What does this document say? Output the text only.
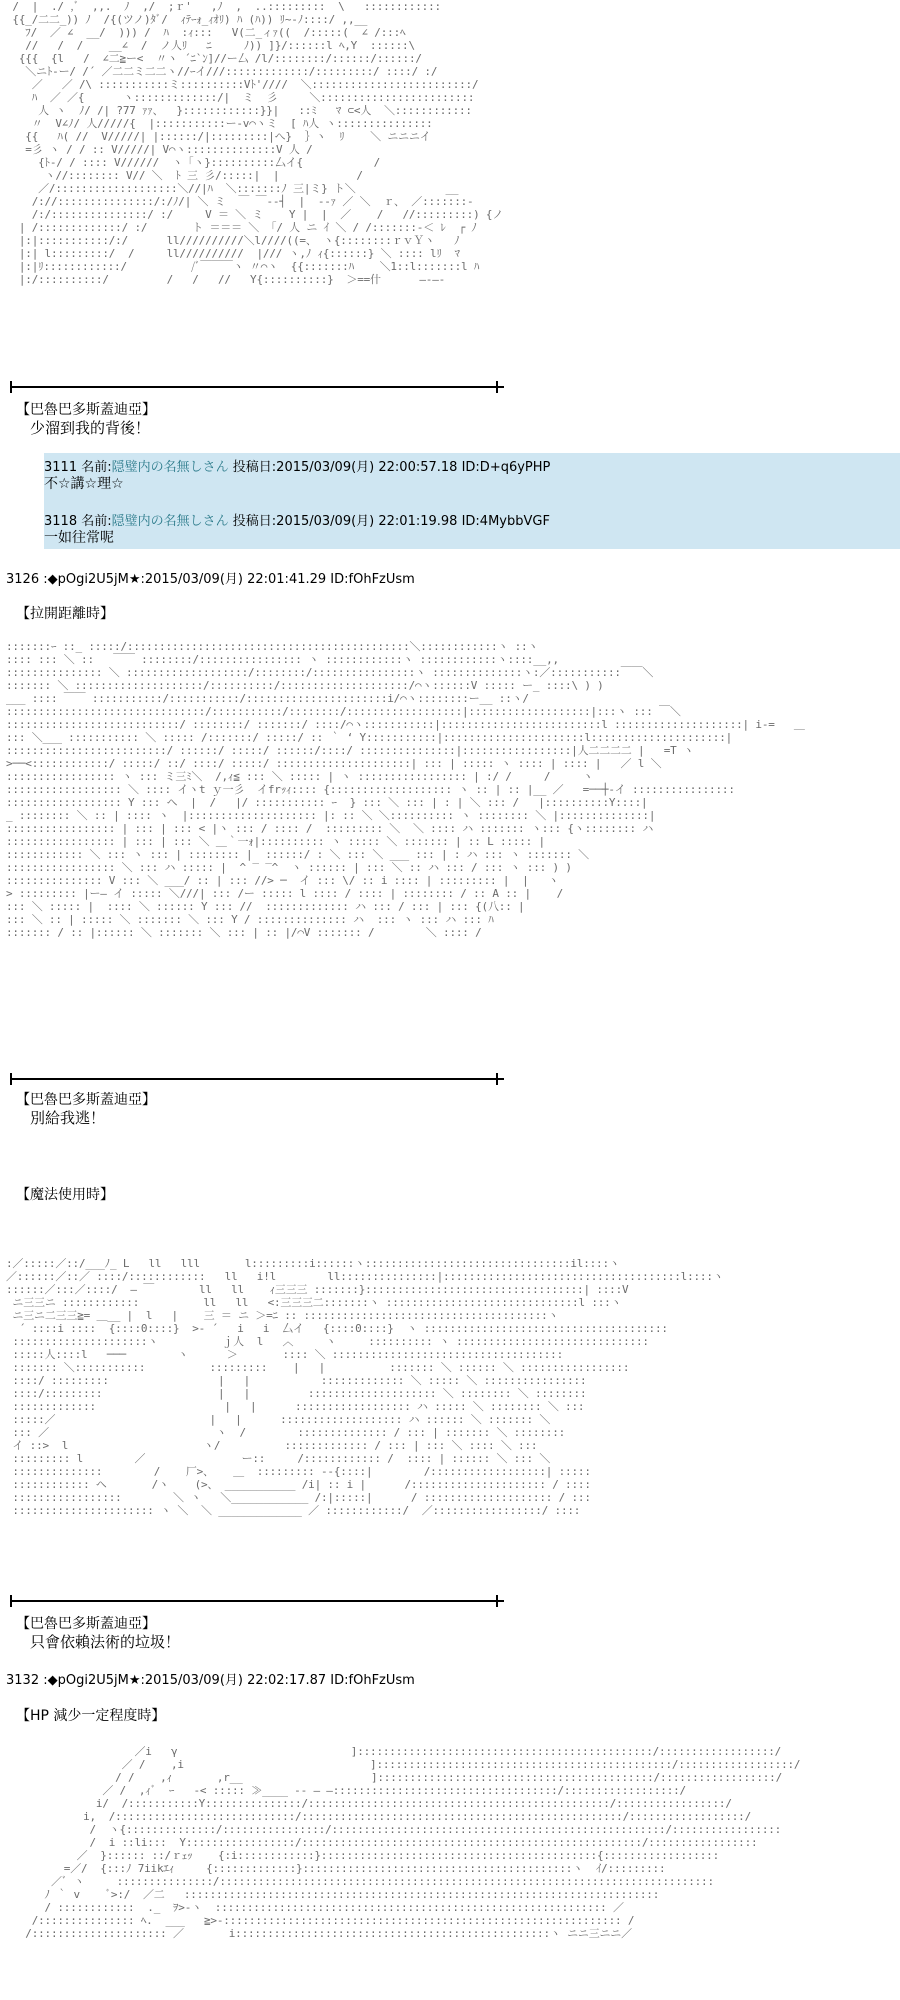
/  |  ./ ,ﾞ  ,,.  ﾉ  ,/  ;ｒ'   ,ﾉ  ,  ..:::::::::  \   ::::::::::::
{{_/二二_)) ﾉ  /{(ツノ)ﾀﾞ/  ｨﾃｰｫ_ｨｵﾘ) ﾊ (ﾊ)) ﾘ~-ﾉ::::/ ,,__
ﾌ/  ／ ∠  __/  ))) /  ﾊ  :ｨ:::   V(二_ィｧ((  /:::::(  ∠ /:::ﾍ
//   /  /    __∠  /  ノ人ﾘ   ﾆ     ﾉ)) ]}/::::::l ﾍ,Y  ::::::\
{{{  {l   /  ∠二≧ー<  〃ヽ ´ﾆ`ﾝ]//ー厶 /l/::::::::/::::::/::::::/
＼ニﾄ‐ー/ /´ ／二二ミ二二ヽ//ｰイ///:::::::::::::/:::::::::/ ::::/ :/
／   ／ /\ :::::::::::ミ::::::::::Vﾄ'////  ＼:::::::::::::::::::::::::/
ﾊ  ／ ／{      ヽ:::::::::::::/|  ミ  彡     ＼::::::::::::::::::::::::
人 ヽ  ﾉ/ /| ?77 ｧｧ、  }::::::::::::}}|   ::ﾐ   ﾏ ⊂<人  ＼::::::::::::
〃  V∠ﾉ/ 人/////{  |:::::::::::ー-v⌒ヽミ  [ ﾊ人 ヽ:::::::::::::::
{{   ﾊ( //  V/////| |::::::/|:::::::::|へ}  ｝ヽ  ﾘ    ＼ ニニニイ
=彡 ヽ / / :: V/////| V⌒ヽ::::::::::::::V 人 /
{ﾄ-/ / :::: V//////  ヽ「ヽ}::::::::::厶イ{           /
ヽ//:::::::: V// ＼  ﾄ 三 彡/:::::|  |            /
／/:::::::::::::::::::＼//|ﾊ  ＼:::::::ﾉ 三|ミ} ト＼              __
/://:::::::::::::::/:/ﾉ/| ＼ ミ  ￣ ￣‐-┤  |  ‐‐ｧ ／ ＼  ｒ、 ／:::::::‐
/:/:::::::::::::::/ :/     V ＝ ＼ ミ    Y |  |  ／    /   //:::::::::) {ノ
| /:::::::::::::/ :/       ト ＝＝＝ ＼ 「/ 人 ニ ｲ ＼ / /:::::::‐＜ ﾚ  ┌ ﾉ
|:|:::::::::::/:/      ll//////////＼l////((=、 ヽ{::::::::ｒｖＹヽ   ﾉ
|:| l:::::::::/  /     ll//////////  |/// ヽ,ﾉ ｨ{::::::} ＼ :::: lﾘ  ﾏ
|:|ﾘ::::::::::::/          /ﾞ￣￣￣ヽ 〃⌒ヽ  {{:::::::ﾊ    ＼1::l:::::::l ﾊ
|:/::::::::::/         /   /   //   Y{::::::::::}  ＞==什      ―-―‐
【巴魯巴多斯蓋迪亞】
少溜到我的背後！
3111 名前:隠璧内の名無しさん 投稿日:2015/03/09(月) 22:00:57.18 ID:D+q6yPHP
不☆講☆理☆
3118 名前:隠璧内の名無しさん 投稿日:2015/03/09(月) 22:01:19.98 ID:4MybbVGF
一如往常呢
3126 :◆pOgi2U5jM★:2015/03/09(月) 22:01:41.29 ID:fOhFzUsm
【拉開距離時】
:::::::ｰ ::_ :::::/::::::::::::::::::::::::::::::::::::::::::::＼::::::::::::ヽ ::ヽ
:::: ::: ＼ ::   ￣￣ ::::::::/:::::::::::::::: ヽ ::::::::::::ヽ ::::::::::::ヽ::::__,,
::::::::::::::: ＼ :::::::::::::::::::/::::::::/::::::::::::::::ヽ ::::::::::::::ヽ:／:::::::::::￣￣＼
::::::: ＼ ::::::::::::::::::::/::::::::::/::::::::::::::::::::/⌒ヽ::::::V ::::: ー_ ::::\ ) )
___ :::: ￣￣ :::::::::::/:::::::::::/::::::::::::::::::::::i/⌒ヽ::::::::ー__ ::ヽ/
:::::::::::::::::::::::::::::::/:::::::::::/::::::::/::::::::::::::::::|:::::::::::::::::::|:::ヽ ::: ￣＼
:::::::::::::::::::::::::::/ ::::::::/ :::::::/ ::::/⌒ヽ:::::::::::|:::::::::::::::::::::::::l ::::::::::::::::::::| i-=   ＿
::: ＼___ ::::::::::: ＼ ::::: /:::::::/ :::::/ :: ｀ ‘ Y:::::::::::|::::::::::::::::::::::l:::::::::::::::::::::|
:::::::::::::::::::::::::/ ::::::/ :::::/ ::::::/::::/ :::::::::::::::|:::::::::::::::::|人二二二二 |   =T ヽ
>──<::::::::::::/ :::::/ ::/ ::::/ :::::/ :::::::::::::::::::::| ::: | ::::: ヽ :::: | :::: |   ／ l ＼
::::::::::::::::: ヽ ::: ミ三ﾐ＼  /,ｨ≦ ::: ＼ ::::: | ヽ ::::::::::::::::: | :/ /     /     ヽ
:::::::::::::::::: ＼ :::: イヽt ｙ一彡  イfrｯｨ:::: {::::::::::::::::::: ヽ :: | :: |__ ／   =──┼‐イ ::::::::::::::::
:::::::::::::::::: Y ::: ヘ  |  /   |/ ::::::::::: ｰ  } ::: ＼ ::: | : | ＼ ::: /   |::::::::::Y::::|
_ :::::::: ＼ :: | :::: ヽ  |:::::::::::::::::::: |: :: ＼ ＼:::::::::: ヽ :::::::: ＼ |::::::::::::::|
::::::::::::::::: | ::: | ::: < |ヽ ::: / :::: /  ::::::::: ＼  ＼ :::: ハ ::::::: ヽ::: {ヽ:::::::: ハ
::::::::::::::::: | ::: | ::: ＼ ＿｀一ｫ|:::::::::: ヽ ::::: ＼ ::::::: | :: L ::::: |
:::::::::::: ＼ ::: ヽ ::: | :::::::: |  ::::::/ : ＼ ::: ＼ ___ ::: | : ハ ::: ヽ ::::::: ＼
::::::::::::::::: ＼ ::: ハ ::::: |  ^ ‾ ‾^  ヽ :::::: | ::: ＼ :: ハ ::: / ::: ヽ ::: ) )
::::::::::::::: V ::: ＼ ___/ :: | ::: //> ─  イ ::: \/ :: i :::: | ::::::::: |  |   ヽ
> ::::::::: |ー― イ ::::: ＼///| ::: /ー ::::: l :::: / :::: | :::::::: / :: A :: |    /
::: ＼ ::::: |  :::: ＼ :::::: Y ::: //  ::::::::::::: ハ ::: / ::: | ::: {(八:: |
::: ＼ :: | ::::: ＼ ::::::: ＼ ::: Y / :::::::::::::: ハ  ::: ヽ ::: ハ ::: ﾊ
::::::: / :: |:::::: ＼ ::::::: ＼ ::: | :: |/⌒V ::::::: /        ＼ :::: /
【巴魯巴多斯蓋迪亞】
別給我逃！
【魔法使用時】
:／:::::／::/___ﾉ_ L   ll   lll       l:::::::::i::::::ヽ::::::::::::::::::::::::::::::::il::::ヽ
／::::::／::／ ::::/::::::::::::   ll   i!l        ll:::::::::::::::|:::::::::::::::::::::::::::::::::::::l::::ヽ
::::::／:::／::::/  ― ￣       ll   ll    ｨ三三三 :::::::}::::::::::::::::::::::::::::::::::| ::::V
ニ三三ニ ::::::::::::          ll   ll   <:三三三二:::::::ヽ ::::::::::::::::::::::::::::::l :::ヽ
ニ三ニ二三三≧= ＿__ |  l   |    三 ＝ ニ ＞=ﾆ :: ::::::::::::::::::::::::::::::::::::::ヽ
´ ::::i ::::  {::::0::::}  >‐ ´   i   i  厶イ   {::::0::::}  ヽ ::::::::::::::::::::::::::::::::::::::
:::::::::::::::::::::ヽ          ｊ人  l   ︿     ヽ     :::::::::: ヽ ::::::::::::::::::::::::::::::
:::::人::::l   ───        ヽ      ＞       :::: ＼ ::::::::::::::::::::::::::::::::::::
::::::: ＼:::::::::::          :::::::::    |   |          ::::::: ＼ :::::: ＼ :::::::::::::::::
::::/ :::::::::                 |   |           ::::::::::::: ＼ ::::: ＼ ::::::::::::::::
::::/:::::::::                  |   |         :::::::::::::::::::: ＼ :::::::: ＼ ::::::::
:::::::::::::                    |   |      :::::::::::::::::: ハ ::::: ＼ :::::::: ＼ :::
:::::／                        |   |      ::::::::::::::::::: ハ :::::: ＼ ::::::: ＼
::: ／                          ヽ  /        :::::::::::::: / ::: | ::::::: ＼ ::::::::
イ ::>  l                     ヽ/          ::::::::::::: / ::: | ::: ＼ :::: ＼ :::
::::::::: l        ／               ー::     /:::::::::::: /  :::: | :::::: ＼ ::: ＼
::::::::::::::        /    厂>、   ＿  ::::::::: -‐{::::|        /::::::::::::::::::| :::::
:::::::::::: ヘ       /ヽ    (>、 ___________ /i| :: i |      /::::::::::::::::::::: / ::::
:::::::::::::::::        ＼ ヽ   ＼____________ /:|:::::|      / :::::::::::::::::::: / :::
:::::::::::::::::::::: ヽ ＼  ＼ _____________ ／ ::::::::::::/  ／:::::::::::::::::/ ::::
【巴魯巴多斯蓋迪亞】
只會依賴法術的垃圾！
3132 :◆pOgi2U5jM★:2015/03/09(月) 22:02:17.87 ID:fOhFzUsm
【HP 減少一定程度時】
／i   γ                           ]::::::::::::::::::::::::::::::::::::::::::::::/::::::::::::::::::/
／ /    ,i                             ]::::::::::::::::::::::::::::::::::::::::::::::/::::::::::::::::::/
/ /    ,ｨ       ,r__                    ]:::::::::::::::::::::::::::::::::::::::::::/::::::::::::::::::/
／ /  ,ｨﾞ  ｰ   ‐< ::::: ≫____ ‐‐ ― ―:::::::::::::::::::::::::::::::::::/::::::::::::::::::/
i/  /:::::::::::Y:::::::::::::::/:::::::::::::::::::::::::::::::::::::::::::::::/:::::::::::::::::/
i,  /::::::::::::::::::::::::::::/::::::::::::::::::::::::::::::::::::::::::::::::::/::::::::::::::::::/
/  ヽ{::::::::::::::/::::::::::::::::/::::::::::::::::::::::::::::::::::::::::::::::::::::/:::::::::::::::::
/  i ::li:::  Y:::::::::::::::::/:::::::::::::::::::::::::::::::::::::::::::::::::::::/:::::::::::::::::
／  }:::::: ::/ｒｪｯ    {:i::::::::::::}:::::::::::::::::::::::::::::::::::::::::::{::::::::::::::::::
=／/  {:::ﾉ 7iikｴｨ     {:::::::::::::}::::::::::::::::::::::::::::::::::::::::::ヽ  ｲ/:::::::::
／ﾞ ヽ     :::::::::::::::/:::::::::::::::::::::::::::::::::::::::::::::::::::::::::::::::::::::::::::::
ﾉ ｀ v    ﾞ>:/  ／二   ::::::::::::::::::::::::::::::::::::::::::::::::::::::::::::::::::::::::::
/ ::::::::::::  ._  ｦ>-ヽ  ::::::::::::::::::::::::::::::::::::::::::::::::::::::::::::: ／
/::::::::::::::: ﾍ.  ___   ≧>-:::::::::::::::::::::::::::::::::::::::::::::::::::::::::::::: /
/::::::::::::::::::::: ／       i:::::::::::::::::::::::::::::::::::::::::::::::::ヽ ニニ三ニニ／
